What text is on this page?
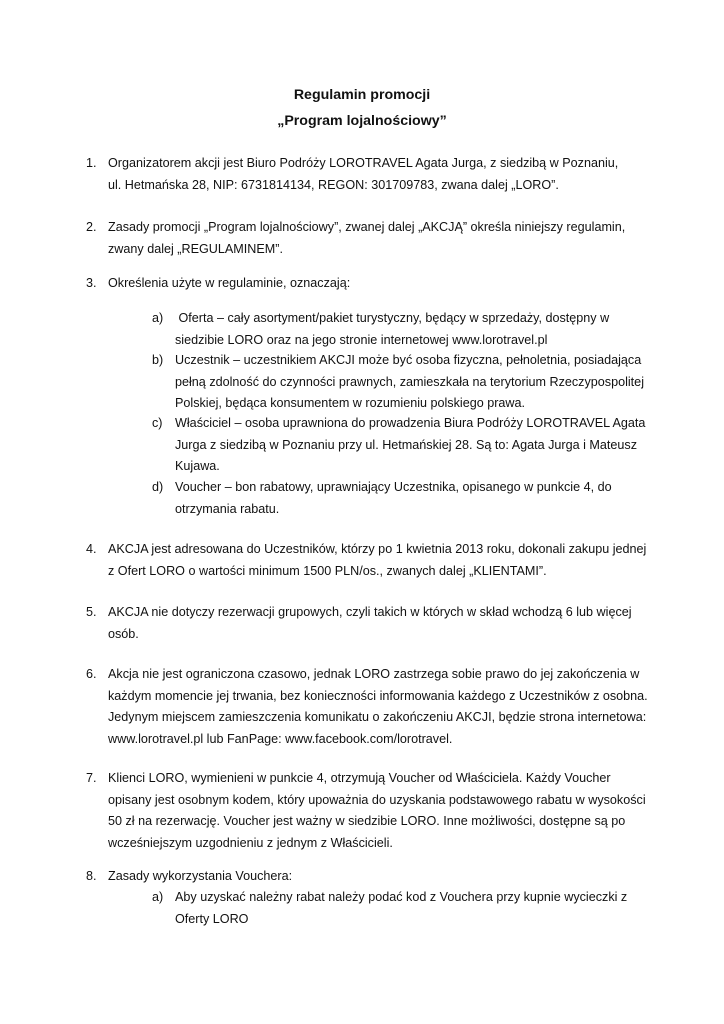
Regulamin promocji
„Program lojalnościowy”

1. Organizatorem akcji jest Biuro Podróży LOROTRAVEL Agata Jurga, z siedzibą w Poznaniu,
ul. Hetmańska 28, NIP: 6731814134, REGON: 301709783, zwana dalej „LORO”.

2. Zasady promocji „Program lojalnościowy”, zwanej dalej „AKCJĄ” określa niniejszy regulamin,
zwany dalej „REGULAMINEM”.

3. Określenia użyte w regulaminie, oznaczają:

a) Oferta – cały asortyment/pakiet turystyczny, będący w sprzedaży, dostępny w
siedzibie LORO oraz na jego stronie internetowej www.lorotravel.pl

b) Uczestnik – uczestnikiem AKCJI może być osoba fizyczna, pełnoletnia, posiadająca
pełną zdolność do czynności prawnych, zamieszkała na terytorium Rzeczypospolitej
Polskiej, będąca konsumentem w rozumieniu polskiego prawa.

c) Właściciel – osoba uprawniona do prowadzenia Biura Podróży LOROTRAVEL Agata
Jurga z siedzibą w Poznaniu przy ul. Hetmańskiej 28. Są to: Agata Jurga i Mateusz
Kujawa.

d) Voucher – bon rabatowy, uprawniający Uczestnika, opisanego w punkcie 4, do
otrzymania rabatu.

4. AKCJA jest adresowana do Uczestników, którzy po 1 kwietnia 2013 roku, dokonali zakupu jednej
z Ofert LORO o wartości minimum 1500 PLN/os., zwanych dalej „KLIENTAMI”.

5. AKCJA nie dotyczy rezerwacji grupowych, czyli takich w których w skład wchodzą 6 lub więcej
osób.

6. Akcja nie jest ograniczona czasowo, jednak LORO zastrzega sobie prawo do jej zakończenia w
każdym momencie jej trwania, bez konieczności informowania każdego z Uczestników z osobna.
Jedynym miejscem zamieszczenia komunikatu o zakończeniu AKCJI, będzie strona internetowa:
www.lorotravel.pl lub FanPage: www.facebook.com/lorotravel.

7. Klienci LORO, wymienieni w punkcie 4, otrzymują Voucher od Właściciela. Każdy Voucher
opisany jest osobnym kodem, który upoważnia do uzyskania podstawowego rabatu w wysokości
50 zł na rezerwację. Voucher jest ważny w siedzibie LORO. Inne możliwości, dostępne są po
wcześniejszym uzgodnieniu z jednym z Właścicieli.

8. Zasady wykorzystania Vouchera:

a) Aby uzyskać należny rabat należy podać kod z Vouchera przy kupnie wycieczki z
Oferty LORO
